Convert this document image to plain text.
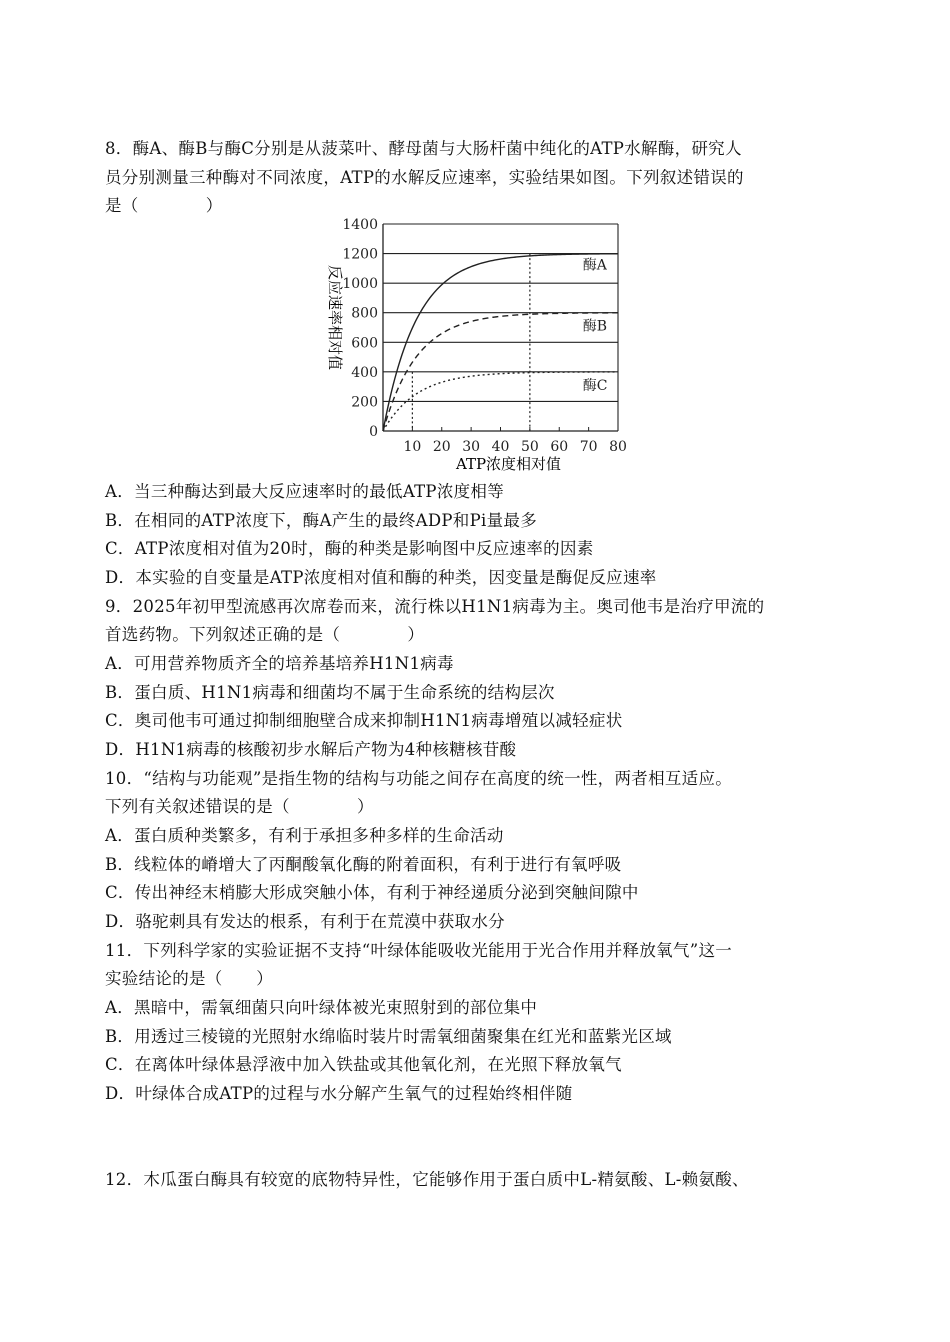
8．酶A、酶B与酶C分别是从菠菜叶、酵母菌与大肠杆菌中纯化的ATP水解酶，研究人
员分别测量三种酶对不同浓度，ATP的水解反应速率，实验结果如图。下列叙述错误的
是（　　　　）
0
200
400
600
800
1000
1200
1400
10 20 30 40 50 60 70 80
酶A
酶B
酶C
ATP浓度相对值
反应速率相对值
A．当三种酶达到最大反应速率时的最低ATP浓度相等
B．在相同的ATP浓度下，酶A产生的最终ADP和Pi量最多
C．ATP浓度相对值为20时，酶的种类是影响图中反应速率的因素
D．本实验的自变量是ATP浓度相对值和酶的种类，因变量是酶促反应速率
9．2025年初甲型流感再次席卷而来，流行株以H1N1病毒为主。奥司他韦是治疗甲流的
首选药物。下列叙述正确的是（　　　　）
A．可用营养物质齐全的培养基培养H1N1病毒
B．蛋白质、H1N1病毒和细菌均不属于生命系统的结构层次
C．奥司他韦可通过抑制细胞壁合成来抑制H1N1病毒增殖以减轻症状
D．H1N1病毒的核酸初步水解后产物为4种核糖核苷酸
10．“结构与功能观”是指生物的结构与功能之间存在高度的统一性，两者相互适应。
下列有关叙述错误的是（　　　　）
A．蛋白质种类繁多，有利于承担多种多样的生命活动
B．线粒体的嵴增大了丙酮酸氧化酶的附着面积，有利于进行有氧呼吸
C．传出神经末梢膨大形成突触小体，有利于神经递质分泌到突触间隙中
D．骆驼刺具有发达的根系，有利于在荒漠中获取水分
11．下列科学家的实验证据不支持“叶绿体能吸收光能用于光合作用并释放氧气”这一
实验结论的是（　　）
A．黑暗中，需氧细菌只向叶绿体被光束照射到的部位集中
B．用透过三棱镜的光照射水绵临时装片时需氧细菌聚集在红光和蓝紫光区域
C．在离体叶绿体悬浮液中加入铁盐或其他氧化剂，在光照下释放氧气
D．叶绿体合成ATP的过程与水分解产生氧气的过程始终相伴随
12．木瓜蛋白酶具有较宽的底物特异性，它能够作用于蛋白质中L-精氨酸、L-赖氨酸、
